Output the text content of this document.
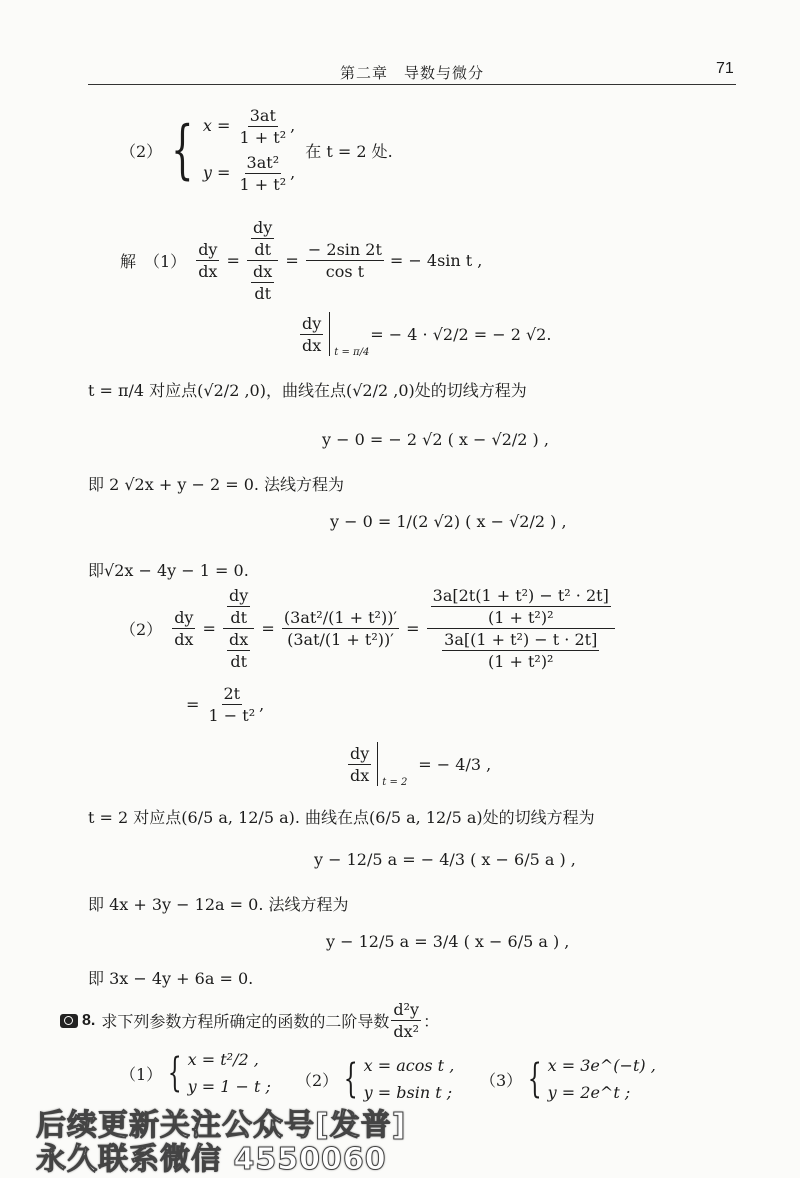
第二章　导数与微分	71
（2） { $x = \frac{3at}{\text{1 + t²}}$ ,
$y = \frac{\text{3at²}}{\text{1 + t²}}$ ,
在 t = 2 处.
解　$(1) \frac{dy}{dx} = \frac{\frac{dy}{dt}}{\frac{dx}{dt}} = \frac{- 2\sin 2t}{\text{cos t}}$ = − 4sin t ,
$\frac{dy}{dx}$ t = π/4
= − 4 · √2/2 = − 2 √2.
t = π/4 对应点(√2/2 ,0)，曲线在点(√2/2 ,0)处的切线方程为
y − 0 = − 2 √2 ( x − √2/2 ) ,
即 2 √2x + y − 2 = 0. 法线方程为
y − 0 = 1/(2 √2) ( x − √2/2 ) ,
即√2x − 4y − 1 = 0.
$(2) \frac{dy}{dx} = \frac{\frac{dy}{dt}}{\frac{dx}{dt}} = \frac{\text{(3at²/(1 + t²))′}}{\text{(3at/(1 + t²))′}} = \frac{\frac{\text{3a[2t(1 + t²) − t² · 2t]}}{\text{(1 + t²)²}}}{\frac{\text{3a[(1 + t²) − t · 2t]}}{\text{(1 + t²)²}}}$
= $\frac{2t}{\text{1 − t²}}$ ,
$\frac{dy}{dx}$ t = 2
= − 4/3 ,
t = 2 对应点(6/5 a, 12/5 a). 曲线在点(6/5 a, 12/5 a)处的切线方程为
y − 12/5 a = − 4/3 ( x − 6/5 a ) ,
即 4x + 3y − 12a = 0. 法线方程为
y − 12/5 a = 3/4 ( x − 6/5 a ) ,
即 3x − 4y + 6a = 0.
8. 求下列参数方程所确定的函数的二阶导数 $\frac{\text{d²y}}{\text{dx²}}$ ：
（1） { x = t²/2 ,
y = 1 − t ; （2） { x = acos t ,
y = bsin t ;
（3） { x = 3e^(−t) ,
y = 2e^t ;
后续更新关注公众号[发普]
永久联系微信 4550060
